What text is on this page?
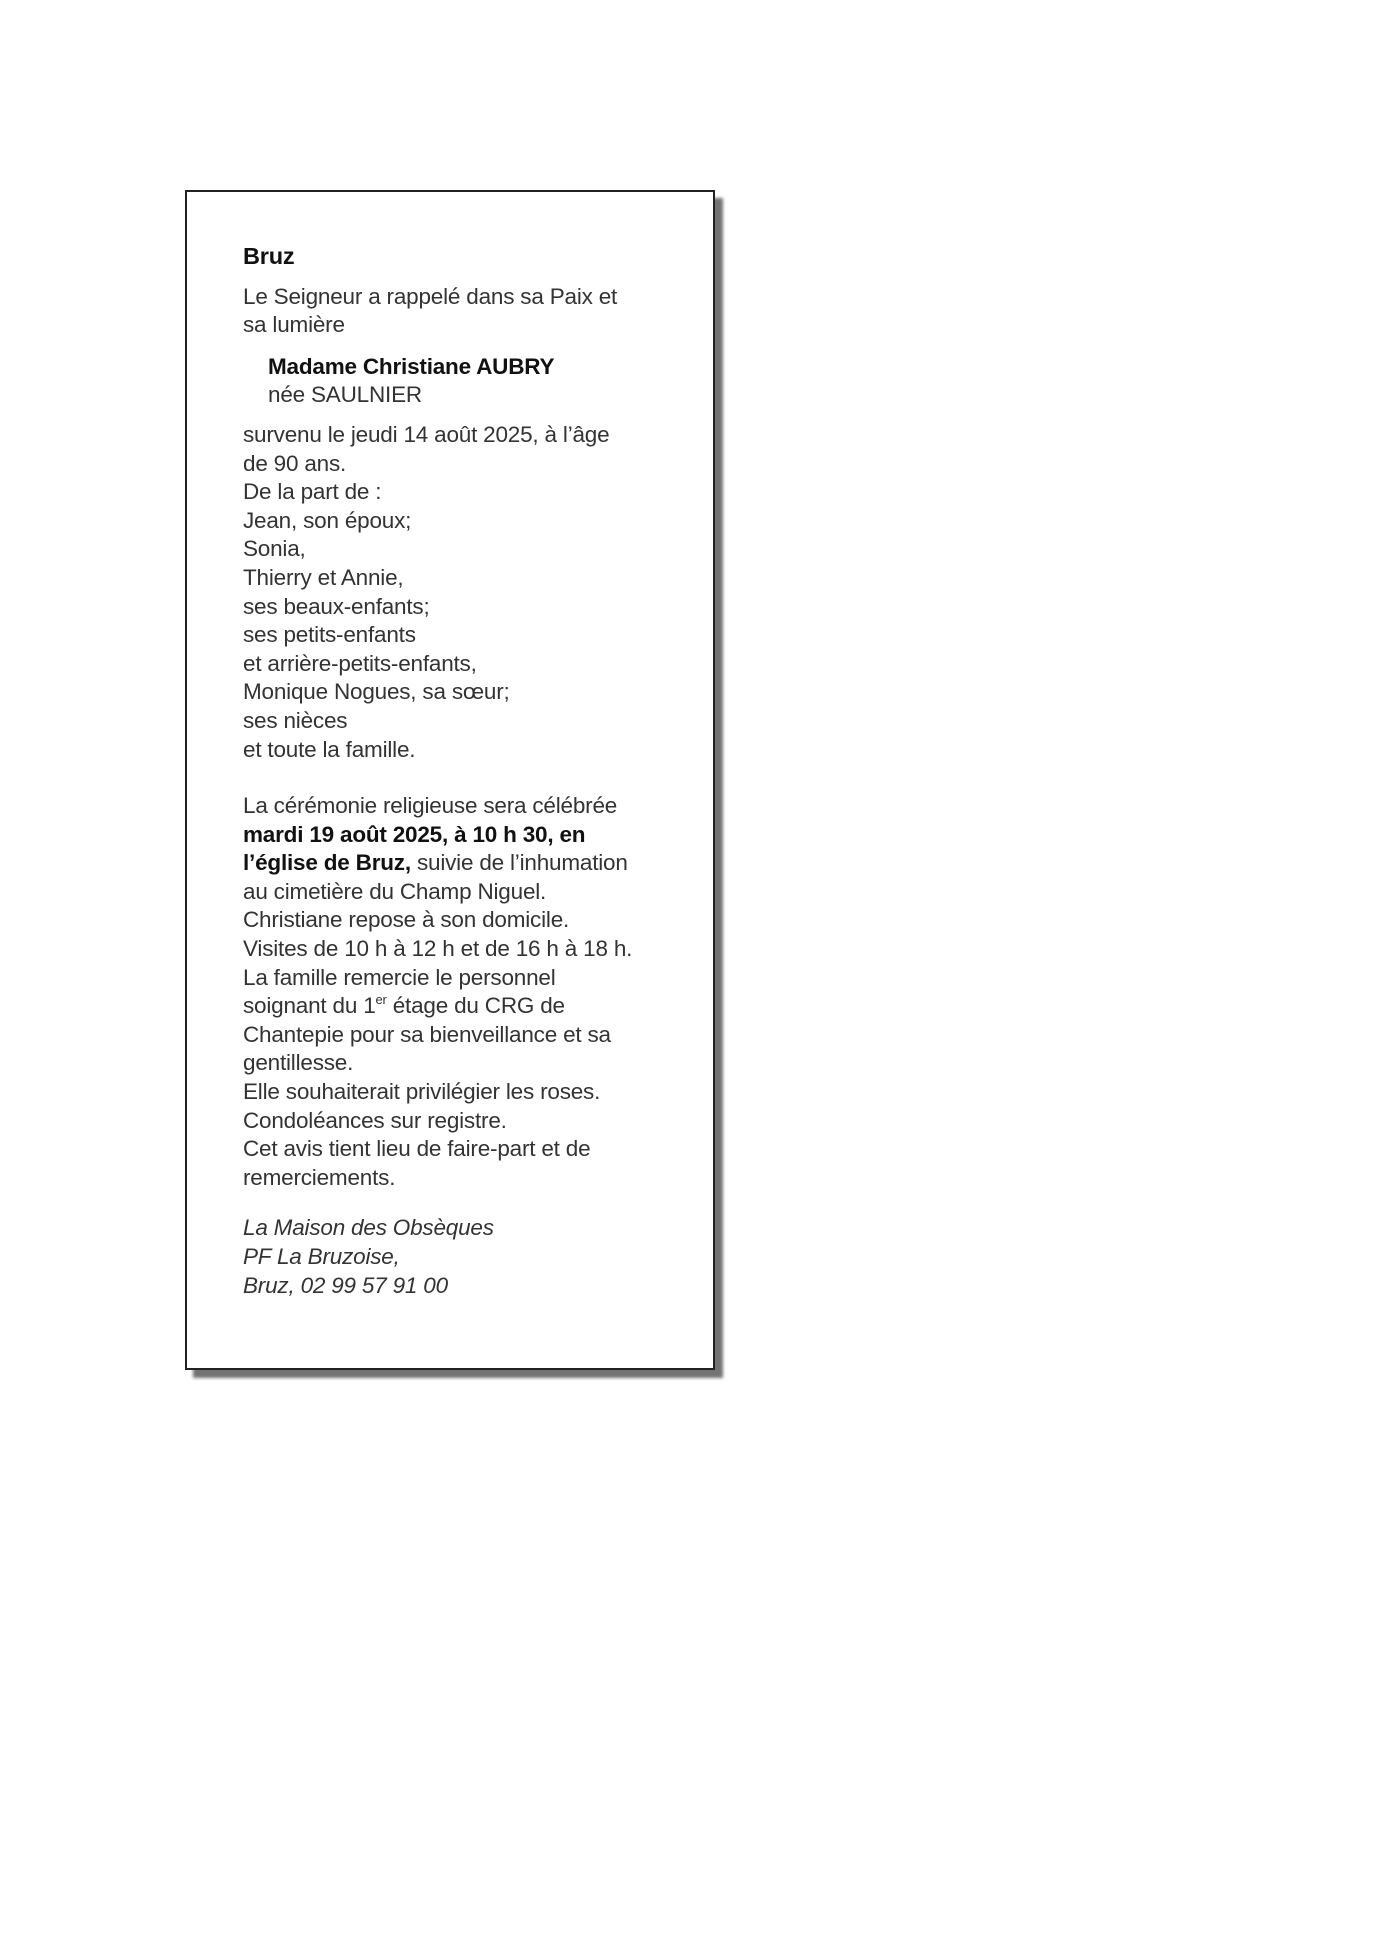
Bruz
Le Seigneur a rappelé dans sa Paix et
sa lumière
Madame Christiane AUBRY
née SAULNIER
survenu le jeudi 14 août 2025, à l’âge
de 90 ans.
De la part de :
Jean, son époux;
Sonia,
Thierry et Annie,
ses beaux-enfants;
ses petits-enfants
et arrière-petits-enfants,
Monique Nogues, sa sœur;
ses nièces
et toute la famille.
La cérémonie religieuse sera célébrée
mardi 19 août 2025, à 10 h 30, en
l’église de Bruz, suivie de l’inhumation
au cimetière du Champ Niguel.
Christiane repose à son domicile.
Visites de 10 h à 12 h et de 16 h à 18 h.
La famille remercie le personnel
soignant du 1er étage du CRG de
Chantepie pour sa bienveillance et sa
gentillesse.
Elle souhaiterait privilégier les roses.
Condoléances sur registre.
Cet avis tient lieu de faire-part et de
remerciements.
La Maison des Obsèques
PF La Bruzoise,
Bruz, 02 99 57 91 00
